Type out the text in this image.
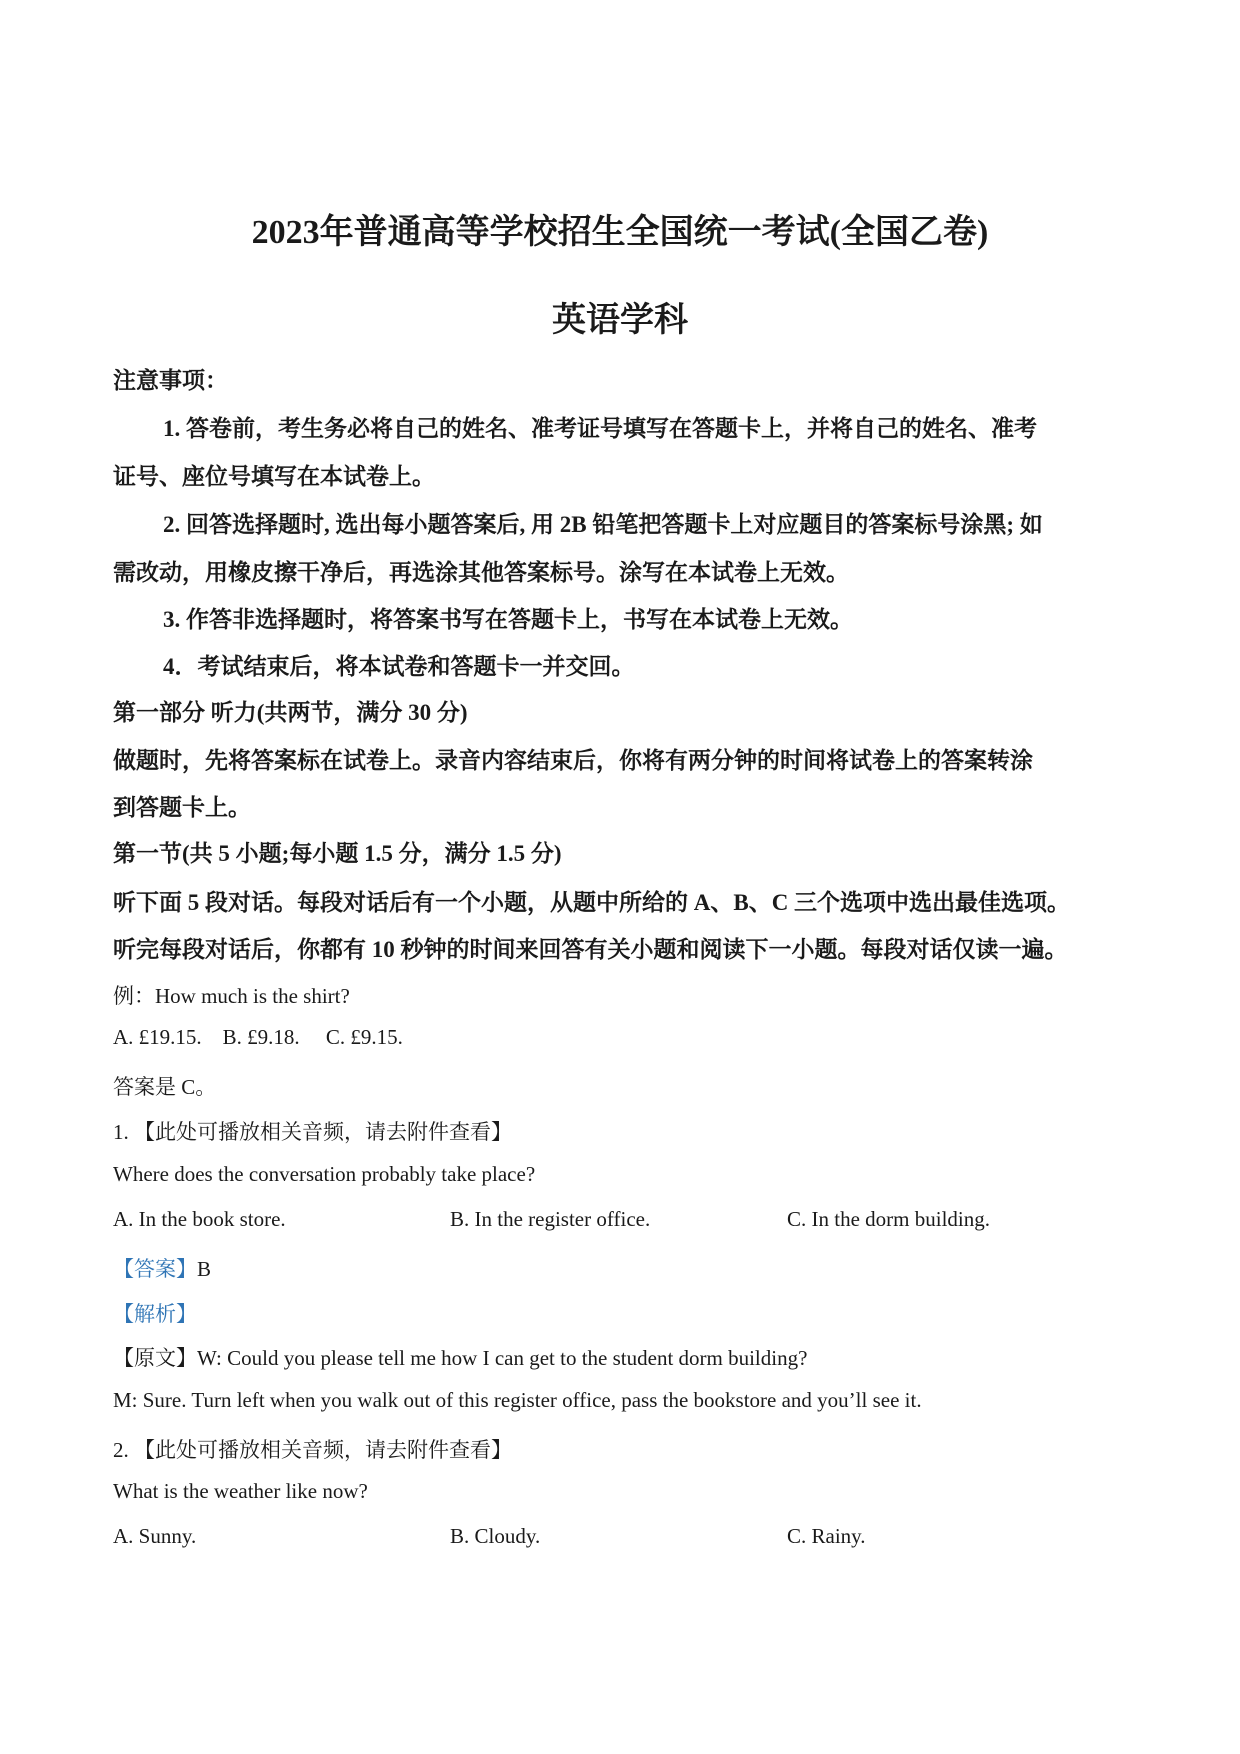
2023年普通高等学校招生全国统一考试(全国乙卷)
英语学科
注意事项：
1. 答卷前，考生务必将自己的姓名、准考证号填写在答题卡上，并将自己的姓名、准考
证号、座位号填写在本试卷上。
2. 回答选择题时, 选出每小题答案后, 用 2B 铅笔把答题卡上对应题目的答案标号涂黑; 如
需改动，用橡皮擦干净后，再选涂其他答案标号。涂写在本试卷上无效。
3. 作答非选择题时，将答案书写在答题卡上，书写在本试卷上无效。
4．考试结束后，将本试卷和答题卡一并交回。
第一部分 听力(共两节，满分 30 分)
做题时，先将答案标在试卷上。录音内容结束后，你将有两分钟的时间将试卷上的答案转涂
到答题卡上。
第一节(共 5 小题;每小题 1.5 分，满分 1.5 分)
听下面 5 段对话。每段对话后有一个小题，从题中所给的 A、B、C 三个选项中选出最佳选项。
听完每段对话后，你都有 10 秒钟的时间来回答有关小题和阅读下一小题。每段对话仅读一遍。
例：How much is the shirt?
A. £19.15.    B. £9.18.     C. £9.15.
答案是 C。
1. 【此处可播放相关音频，请去附件查看】
Where does the conversation probably take place?
A. In the book store.	B. In the register office.	C. In the dorm building.
【答案】B
【解析】
【原文】W: Could you please tell me how I can get to the student dorm building?
M: Sure. Turn left when you walk out of this register office, pass the bookstore and you’ll see it.
2. 【此处可播放相关音频，请去附件查看】
What is the weather like now?
A. Sunny.	B. Cloudy.	C. Rainy.
